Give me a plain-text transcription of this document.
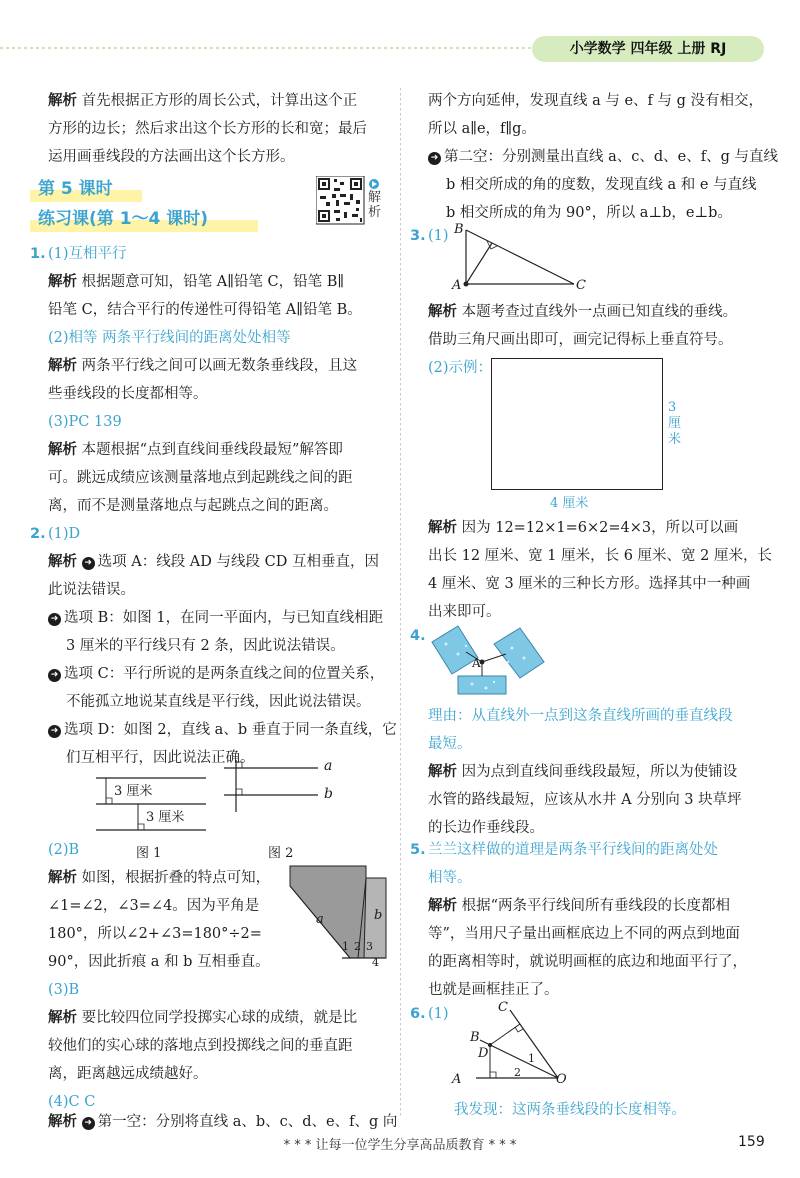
小学数学 四年级 上册 RJ
解析 首先根据正方形的周长公式，计算出这个正
方形的边长；然后求出这个长方形的长和宽；最后
运用画垂线段的方法画出这个长方形。
第 5 课时
练习课(第 1～4 课时)
解析
1. (1)互相平行
解析 根据题意可知，铅笔 A∥铅笔 C，铅笔 B∥
铅笔 C，结合平行的传递性可得铅笔 A∥铅笔 B。
(2)相等 两条平行线间的距离处处相等
解析 两条平行线之间可以画无数条垂线段，且这
些垂线段的长度都相等。
(3)PC 139
解析 本题根据“点到直线间垂线段最短”解答即
可。跳远成绩应该测量落地点到起跳线之间的距
离，而不是测量落地点与起跳点之间的距离。
2. (1)D
解析 ➜ 选项 A：线段 AD 与线段 CD 互相垂直，因
此说法错误。
➜ 选项 B：如图 1，在同一平面内，与已知直线相距
3 厘米的平行线只有 2 条，因此说法错误。
➜ 选项 C：平行所说的是两条直线之间的位置关系，
不能孤立地说某直线是平行线，因此说法错误。
➜ 选项 D：如图 2，直线 a、b 垂直于同一条直线，它
们互相平行，因此说法正确。
3 厘米
3 厘米
图 1
a
b
图 2
(2)B
解析 如图，根据折叠的特点可知，
∠1=∠2，∠3=∠4。因为平角是
180°，所以∠2+∠3=180°÷2=
90°，因此折痕 a 和 b 互相垂直。
a	b
1 2 3
4
(3)B
解析 要比较四位同学投掷实心球的成绩，就是比
较他们的实心球的落地点到投掷线之间的垂直距
离，距离越远成绩越好。
(4)C C
解析 ➜ 第一空：分别将直线 a、b、c、d、e、f、g 向
两个方向延伸，发现直线 a 与 e、f 与 g 没有相交，
所以 a∥e，f∥g。
➜ 第二空：分别测量出直线 a、c、d、e、f、g 与直线
b 相交所成的角的度数，发现直线 a 和 e 与直线
b 相交所成的角为 90°，所以 a⊥b，e⊥b。
3. (1) B
A	C
解析 本题考查过直线外一点画已知直线的垂线。
借助三角尺画出即可，画完记得标上垂直符号。
(2)示例：
3 厘米
4 厘米
解析 因为 12=12×1=6×2=4×3，所以可以画
出长 12 厘米、宽 1 厘米，长 6 厘米、宽 2 厘米，长
4 厘米、宽 3 厘米的三种长方形。选择其中一种画
出来即可。
4.
A
理由：从直线外一点到这条直线所画的垂直线段
最短。
解析 因为点到直线间垂线段最短，所以为使铺设
水管的路线最短，应该从水井 A 分别向 3 块草坪
的长边作垂线段。
5. 兰兰这样做的道理是两条平行线间的距离处处
相等。
解析 根据“两条平行线间所有垂线段的长度都相
等”，当用尺子量出画框底边上不同的两点到地面
的距离相等时，就说明画框的底边和地面平行了，
也就是画框挂正了。
6. (1)	C
B
D
A	O
1
2
我发现：这两条垂线段的长度相等。
* * * 让每一位学生分享高品质教育 * * *	159
